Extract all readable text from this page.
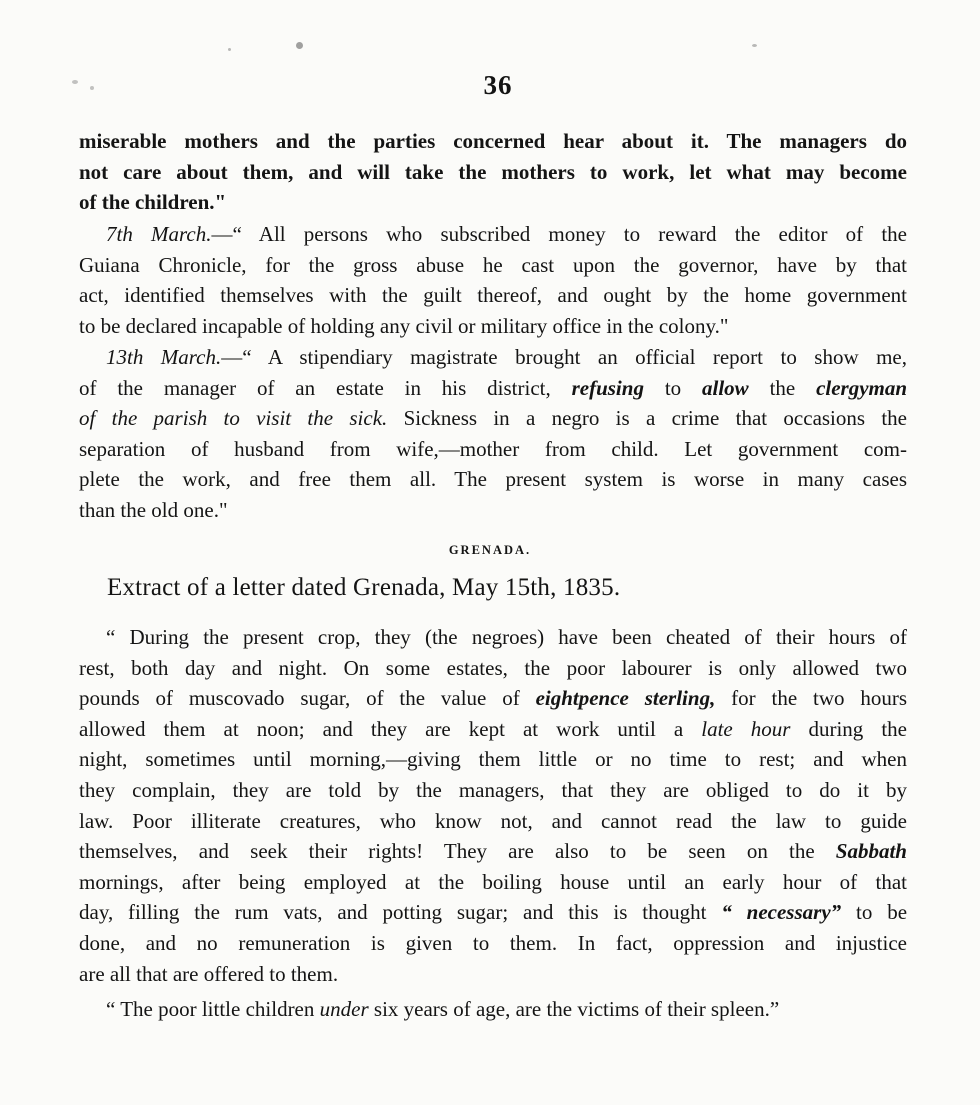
36
miserable mothers and the parties concerned hear about it. The managers do
not care about them, and will take the mothers to work, let what may become
of the children."
7th March.—“ All persons who subscribed money to reward the editor of the
Guiana Chronicle, for the gross abuse he cast upon the governor, have by that
act, identified themselves with the guilt thereof, and ought by the home government
to be declared incapable of holding any civil or military office in the colony."
13th March.—“ A stipendiary magistrate brought an official report to show me,
of the manager of an estate in his district, refusing to allow the clergyman
of the parish to visit the sick. Sickness in a negro is a crime that occasions the
separation of husband from wife,—mother from child. Let government com-
plete the work, and free them all. The present system is worse in many cases
than the old one."
GRENADA.
Extract of a letter dated Grenada, May 15th, 1835.
“ During the present crop, they (the negroes) have been cheated of their hours of
rest, both day and night. On some estates, the poor labourer is only allowed two
pounds of muscovado sugar, of the value of eightpence sterling, for the two hours
allowed them at noon; and they are kept at work until a late hour during the
night, sometimes until morning,—giving them little or no time to rest; and when
they complain, they are told by the managers, that they are obliged to do it by
law. Poor illiterate creatures, who know not, and cannot read the law to guide
themselves, and seek their rights! They are also to be seen on the Sabbath
mornings, after being employed at the boiling house until an early hour of that
day, filling the rum vats, and potting sugar; and this is thought “ necessary” to be
done, and no remuneration is given to them. In fact, oppression and injustice
are all that are offered to them.
“ The poor little children under six years of age, are the victims of their spleen.”
